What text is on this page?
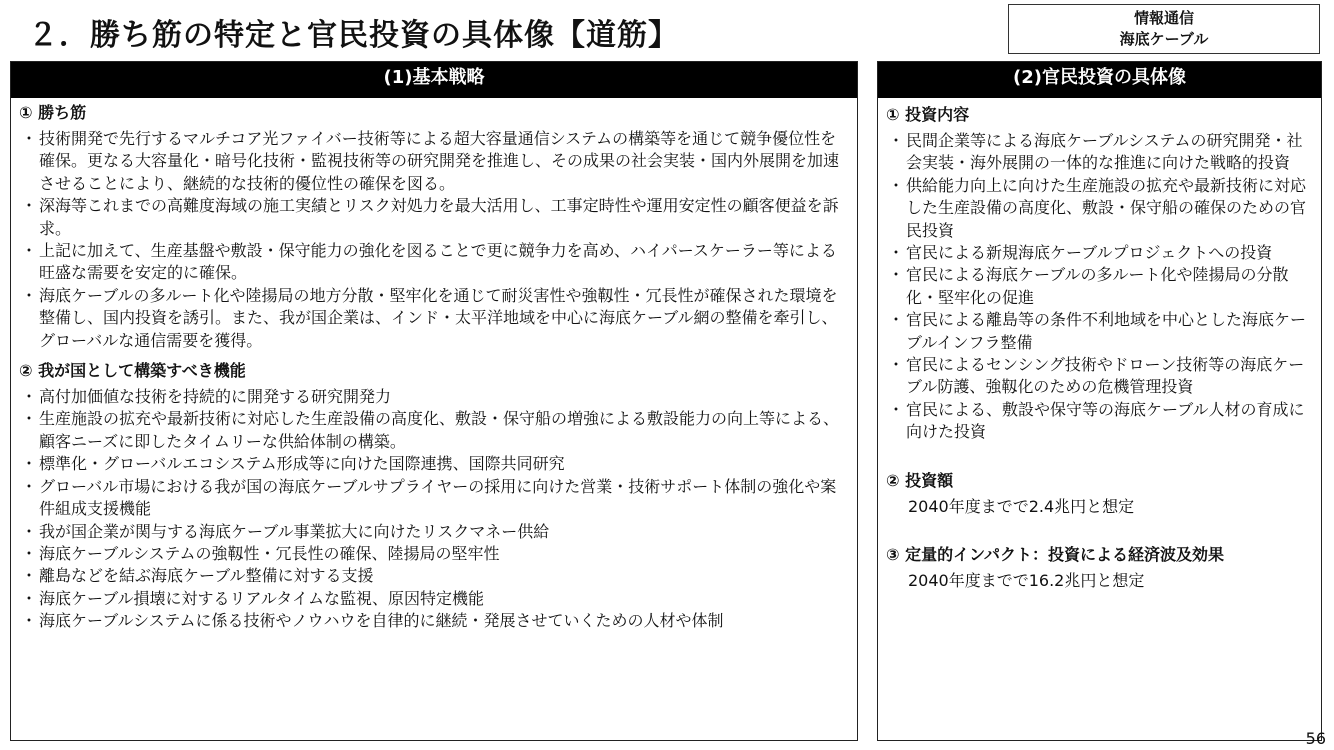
２．勝ち筋の特定と官民投資の具体像【道筋】	情報通信
海底ケーブル
(1)基本戦略
① 勝ち筋
・ 技術開発で先行するマルチコア光ファイバー技術等による超大容量通信システムの構築等を通じて競争優位性を確保。更なる大容量化・暗号化技術・監視技術等の研究開発を推進し、その成果の社会実装・国内外展開を加速させることにより、継続的な技術的優位性の確保を図る。
・ 深海等これまでの高難度海域の施工実績とリスク対処力を最大活用し、工事定時性や運用安定性の顧客便益を訴求。
・ 上記に加えて、生産基盤や敷設・保守能力の強化を図ることで更に競争力を高め、ハイパースケーラー等による旺盛な需要を安定的に確保。
・ 海底ケーブルの多ルート化や陸揚局の地方分散・堅牢化を通じて耐災害性や強靱性・冗長性が確保された環境を整備し、国内投資を誘引。また、我が国企業は、インド・太平洋地域を中心に海底ケーブル網の整備を牽引し、グローバルな通信需要を獲得。
② 我が国として構築すべき機能
・ 高付加価値な技術を持続的に開発する研究開発力
・ 生産施設の拡充や最新技術に対応した生産設備の高度化、敷設・保守船の増強による敷設能力の向上等による、顧客ニーズに即したタイムリーな供給体制の構築。
・ 標準化・グローバルエコシステム形成等に向けた国際連携、国際共同研究
・ グローバル市場における我が国の海底ケーブルサプライヤーの採用に向けた営業・技術サポート体制の強化や案件組成支援機能
・ 我が国企業が関与する海底ケーブル事業拡大に向けたリスクマネー供給
・ 海底ケーブルシステムの強靱性・冗長性の確保、陸揚局の堅牢性
・ 離島などを結ぶ海底ケーブル整備に対する支援
・ 海底ケーブル損壊に対するリアルタイムな監視、原因特定機能
・ 海底ケーブルシステムに係る技術やノウハウを自律的に継続・発展させていくための人材や体制
(2)官民投資の具体像
① 投資内容
・ 民間企業等による海底ケーブルシステムの研究開発・社会実装・海外展開の一体的な推進に向けた戦略的投資
・ 供給能力向上に向けた生産施設の拡充や最新技術に対応した生産設備の高度化、敷設・保守船の確保のための官民投資
・ 官民による新規海底ケーブルプロジェクトへの投資
・ 官民による海底ケーブルの多ルート化や陸揚局の分散化・堅牢化の促進
・ 官民による離島等の条件不利地域を中心とした海底ケーブルインフラ整備
・ 官民によるセンシング技術やドローン技術等の海底ケーブル防護、強靱化のための危機管理投資
・ 官民による、敷設や保守等の海底ケーブル人材の育成に向けた投資
② 投資額
2040年度までで2.4兆円と想定
③ 定量的インパクト：投資による経済波及効果
2040年度までで16.2兆円と想定
56
